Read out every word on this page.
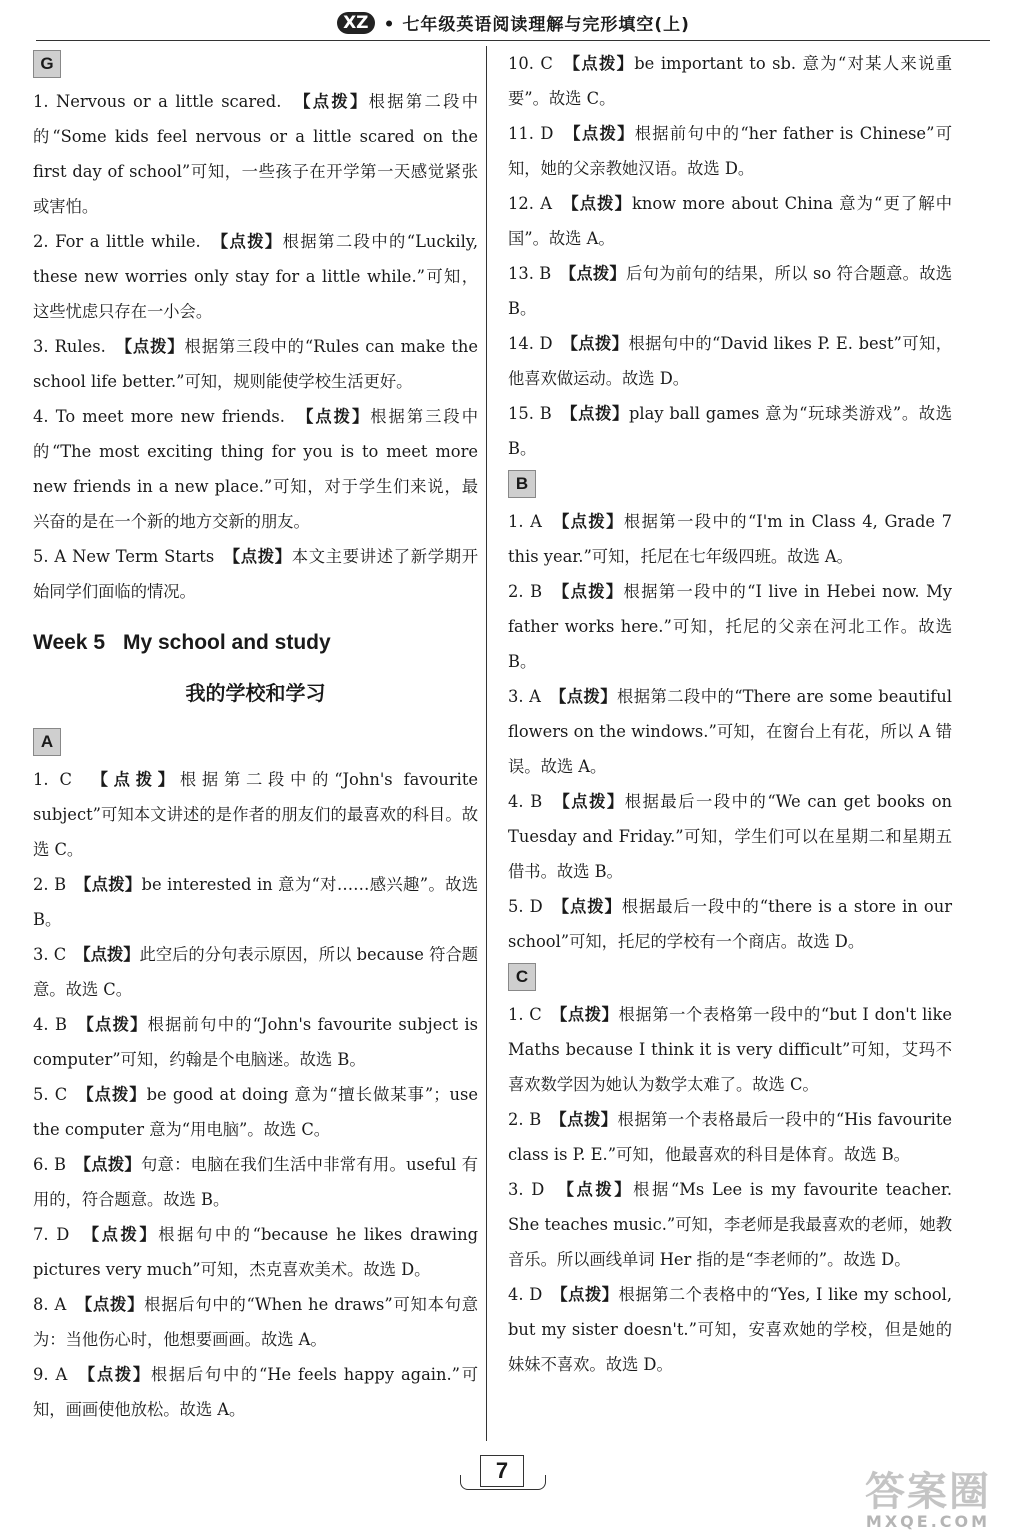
XZ • 七年级英语阅读理解与完形填空(上)
G

1. Nervous or a little scared.　【点拨】根据第二段中的“Some kids feel nervous or a little scared on the first day of school”可知，一些孩子在开学第一天感觉紧张或害怕。

2. For a little while.　【点拨】根据第二段中的“Luckily, these new worries only stay for a little while.”可知，这些忧虑只存在一小会。

3. Rules.　【点拨】根据第三段中的“Rules can make the school life better.”可知，规则能使学校生活更好。

4. To meet more new friends.　【点拨】根据第三段中的“The most exciting thing for you is to meet more new friends in a new place.”可知，对于学生们来说，最兴奋的是在一个新的地方交新的朋友。

5. A New Term Starts　【点拨】本文主要讲述了新学期开始同学们面临的情况。

Week 5 My school and study
我的学校和学习
A

1. C　【点拨】根据第二段中的“John's favourite subject”可知本文讲述的是作者的朋友们的最喜欢的科目。故选 C。

2. B　【点拨】be interested in 意为“对……感兴趣”。故选 B。

3. C　【点拨】此空后的分句表示原因，所以 because 符合题意。故选 C。

4. B　【点拨】根据前句中的“John's favourite subject is computer”可知，约翰是个电脑迷。故选 B。

5. C　【点拨】be good at doing 意为“擅长做某事”；use the computer 意为“用电脑”。故选 C。

6. B　【点拨】句意：电脑在我们生活中非常有用。useful 有用的，符合题意。故选 B。

7. D　【点拨】根据句中的“because he likes drawing pictures very much”可知，杰克喜欢美术。故选 D。

8. A　【点拨】根据后句中的“When he draws”可知本句意为：当他伤心时，他想要画画。故选 A。

9. A　【点拨】根据后句中的“He feels happy again.”可知，画画使他放松。故选 A。

10. C　【点拨】be important to sb. 意为“对某人来说重要”。故选 C。

11. D　【点拨】根据前句中的“her father is Chinese”可知，她的父亲教她汉语。故选 D。

12. A　【点拨】know more about China 意为“更了解中国”。故选 A。

13. B　【点拨】后句为前句的结果，所以 so 符合题意。故选 B。

14. D　【点拨】根据句中的“David likes P. E. best”可知，他喜欢做运动。故选 D。

15. B　【点拨】play ball games 意为“玩球类游戏”。故选 B。

B

1. A　【点拨】根据第一段中的“I'm in Class 4, Grade 7 this year.”可知，托尼在七年级四班。故选 A。

2. B　【点拨】根据第一段中的“I live in Hebei now. My father works here.”可知，托尼的父亲在河北工作。故选 B。

3. A　【点拨】根据第二段中的“There are some beautiful flowers on the windows.”可知，在窗台上有花，所以 A 错误。故选 A。

4. B　【点拨】根据最后一段中的“We can get books on Tuesday and Friday.”可知，学生们可以在星期二和星期五借书。故选 B。

5. D　【点拨】根据最后一段中的“there is a store in our school”可知，托尼的学校有一个商店。故选 D。

C

1. C　【点拨】根据第一个表格第一段中的“but I don't like Maths because I think it is very difficult”可知，艾玛不喜欢数学因为她认为数学太难了。故选 C。

2. B　【点拨】根据第一个表格最后一段中的“His favourite class is P. E.”可知，他最喜欢的科目是体育。故选 B。

3. D　【点拨】根据“Ms Lee is my favourite teacher. She teaches music.”可知，李老师是我最喜欢的老师，她教音乐。所以画线单词 Her 指的是“李老师的”。故选 D。

4. D　【点拨】根据第二个表格中的“Yes, I like my school, but my sister doesn't.”可知，安喜欢她的学校，但是她的妹妹不喜欢。故选 D。

7	答案圈
MXQE.COM
